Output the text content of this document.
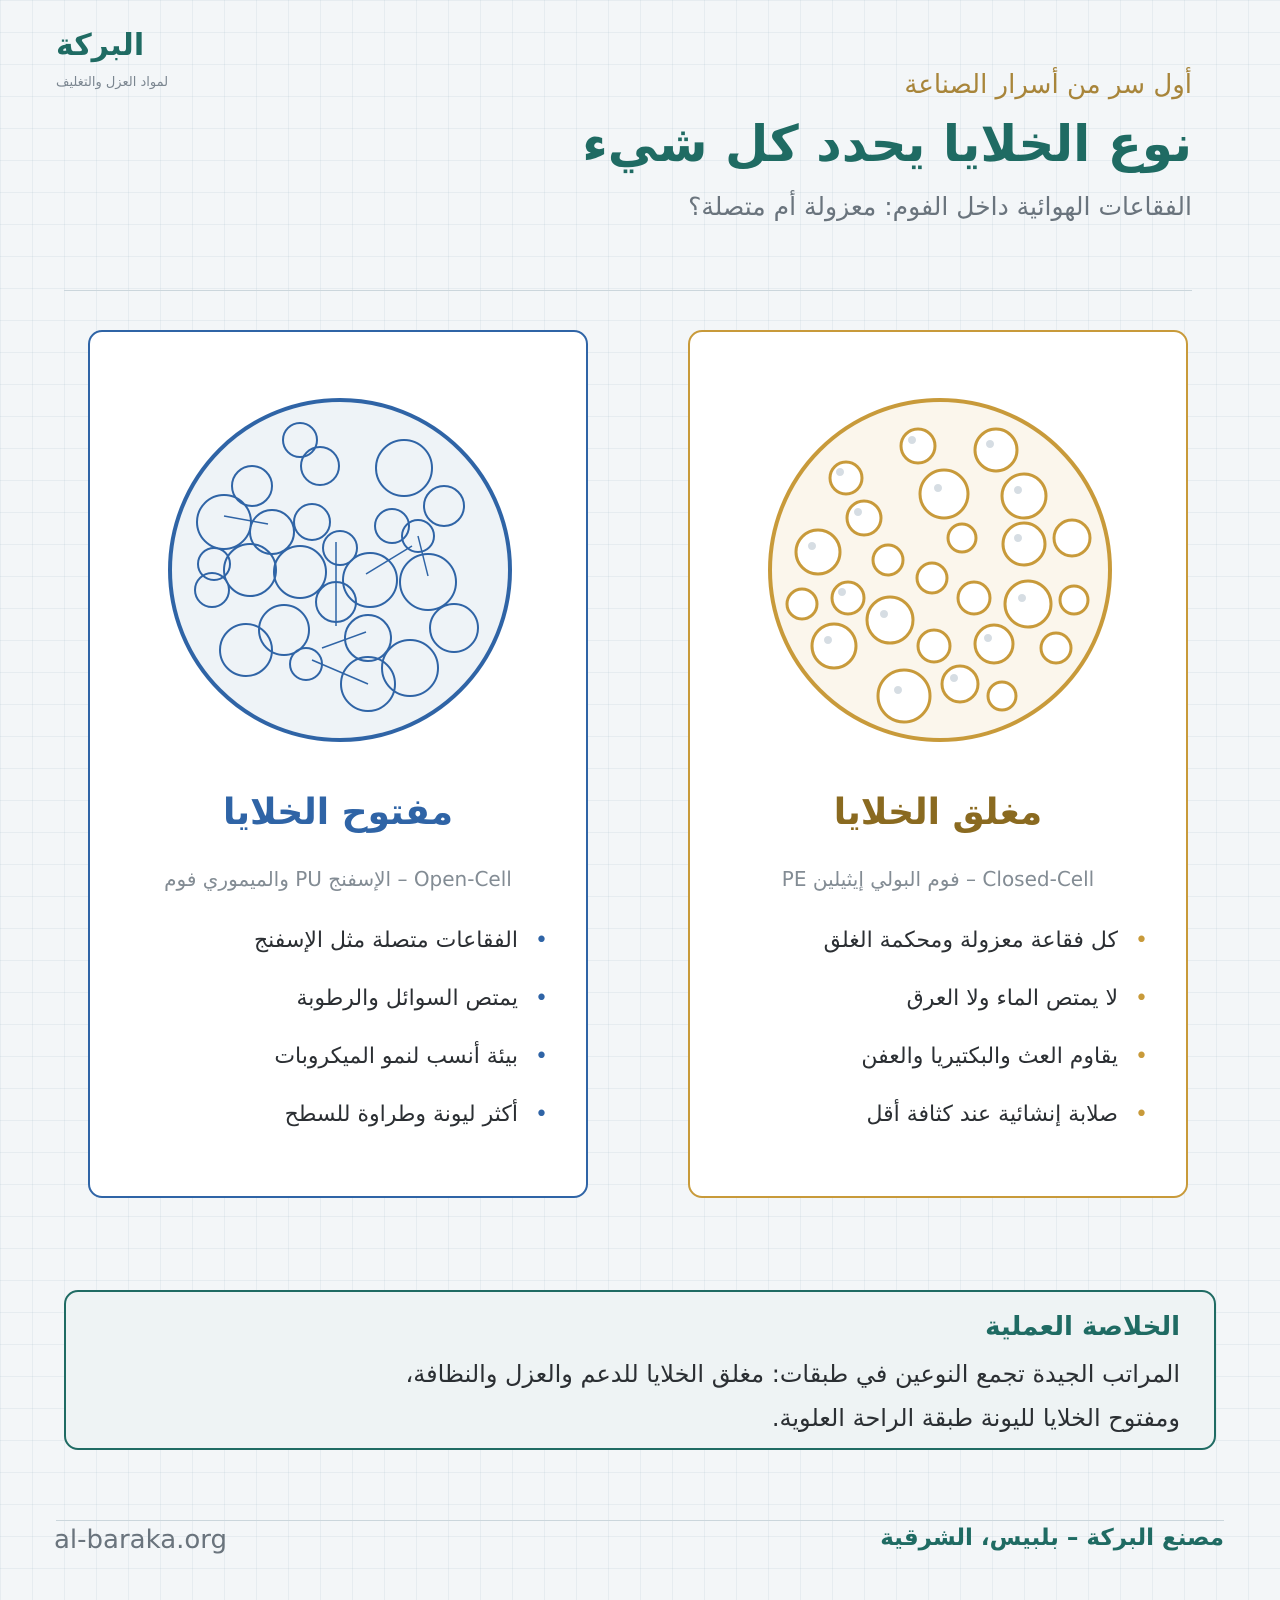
البركة
لمواد العزل والتغليف	أول سر من أسرار الصناعة
نوع الخلايا يحدد كل شيء
الفقاعات الهوائية داخل الفوم: معزولة أم متصلة؟
مغلق الخلايا
Closed-Cell – فوم البولي إيثيلين PE
•
كل فقاعة معزولة ومحكمة الغلق
•
لا يمتص الماء ولا العرق
•
يقاوم العث والبكتيريا والعفن
•
صلابة إنشائية عند كثافة أقل
مفتوح الخلايا
Open-Cell – الإسفنج PU والميموري فوم
•
الفقاعات متصلة مثل الإسفنج
•
يمتص السوائل والرطوبة
•
بيئة أنسب لنمو الميكروبات
•
أكثر ليونة وطراوة للسطح
الخلاصة العملية
المراتب الجيدة تجمع النوعين في طبقات: مغلق الخلايا للدعم والعزل والنظافة،
ومفتوح الخلايا لليونة طبقة الراحة العلوية.
مصنع البركة – بلبيس، الشرقية
al-baraka.org
